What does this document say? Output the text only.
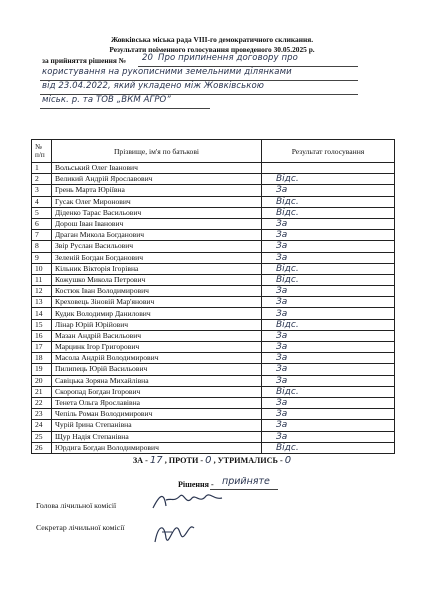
Жовківська міська рада VIII-го демократичного скликання.
Результати поіменного голосування проведеного 30.05.2025 р.
за прийняття рішення № 20 Про припинення договору про
користування на рукописними земельними ділянками
від 23.04.2022, який укладено між Жовківською
міськ. р. та ТОВ „ВКМ АГРО”
№
п/п	Прізвище, ім'я по батькові	Результат голосування
1	Вольський Олег Іванович	
2	Великий Андрій Ярославович	Відс.
3	Грень Марта Юріївна	За
4	Гусак Олег Миронович	Відс.
5	Діденко Тарас Васильович	Відс.
6	Дорош Іван Іванович	За
7	Драган Микола Богданович	За
8	Звір Руслан Васильович	За
9	Зеленій Богдан Богданович	За
10	Кільник Вікторія Ігорівна	Відс.
11	Кожушко Микола Петрович	Відс.
12	Костюк Іван Володимирович	За
13	Креховець Зіновій Мар'янович	За
14	Кудик Володимир Данилович	За
15	Лінар Юрій Юрійович	Відс.
16	Мазан Андрій Васильович	За
17	Марцинк Ігор Григорович	За
18	Масола Андрій Володимирович	За
19	Пилипець Юрій Васильович	За
20	Савіцька Зоряна Михайлівна	За
21	Скоропад Богдан Ігорович	Відс.
22	Тенета Ольга Ярославівна	За
23	Чепіль Роман Володимирович	За
24	Чурій Ірина Степанівна	За
25	Щур Надія Степанівна	За
26	Юрдига Богдан Володимирович	Відс.
ЗА - 17 , ПРОТИ - 0 , УТРИМАЛИСЬ - 0
Рішення - прийняте
Голова лічильної комісії
Секретар лічильної комісії
